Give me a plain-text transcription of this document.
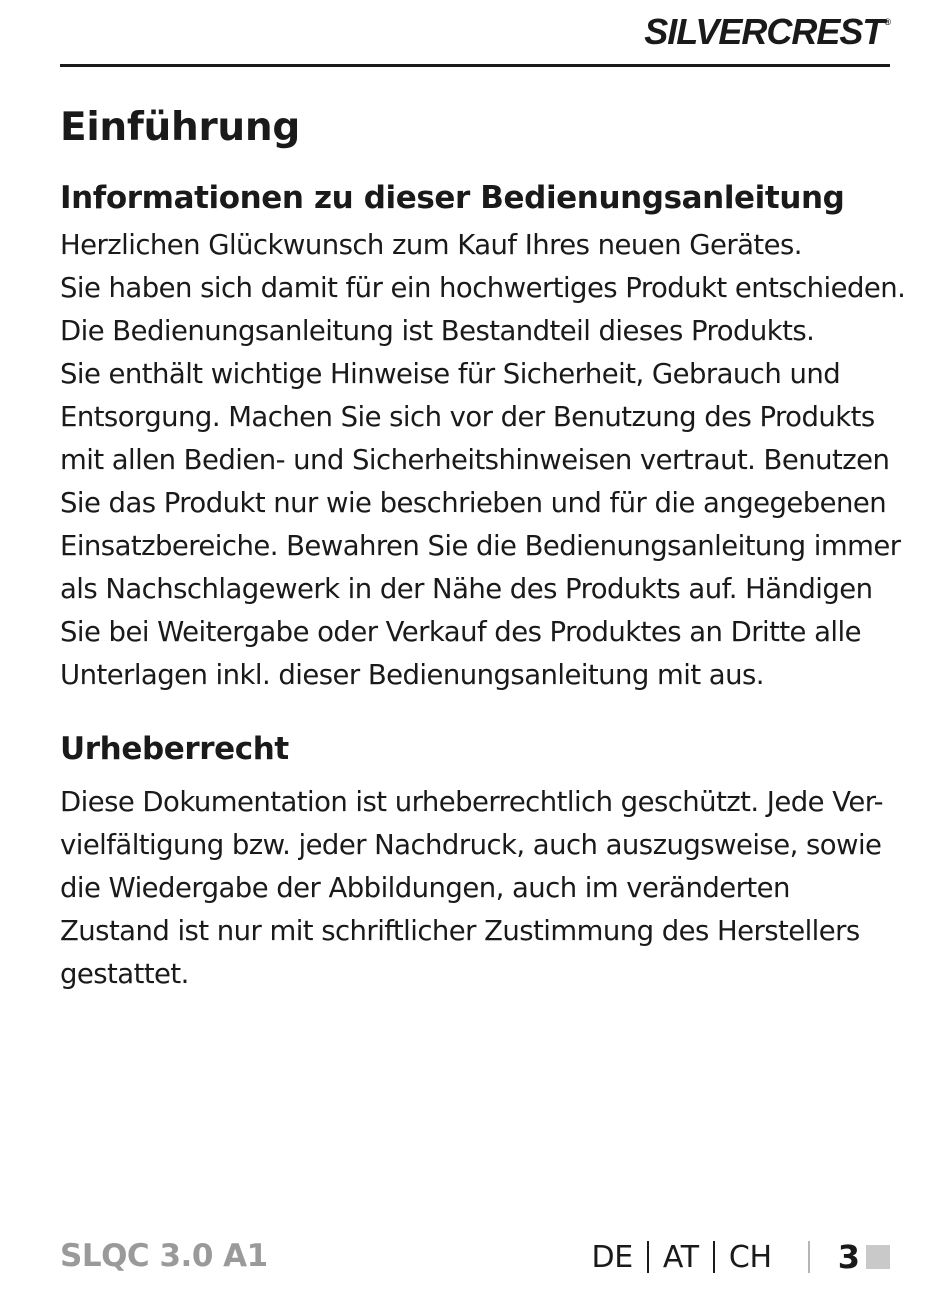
SILVERCREST®
Einführung
Informationen zu dieser Bedienungsanleitung
Herzlichen Glückwunsch zum Kauf Ihres neuen Gerätes.
Sie haben sich damit für ein hochwertiges Produkt entschieden.
Die Bedienungsanleitung ist Bestandteil dieses Produkts.
Sie enthält wichtige Hinweise für Sicherheit, Gebrauch und
Entsorgung. Machen Sie sich vor der Benutzung des Produkts
mit allen Bedien- und Sicherheitshinweisen vertraut. Benutzen
Sie das Produkt nur wie beschrieben und für die angegebenen
Einsatzbereiche. Bewahren Sie die Bedienungsanleitung immer
als Nachschlagewerk in der Nähe des Produkts auf. Händigen
Sie bei Weitergabe oder Verkauf des Produktes an Dritte alle
Unterlagen inkl. dieser Bedienungsanleitung mit aus.
Urheberrecht
Diese Dokumentation ist urheberrechtlich geschützt. Jede Ver-
vielfältigung bzw. jeder Nachdruck, auch auszugsweise, sowie
die Wiedergabe der Abbildungen, auch im veränderten
Zustand ist nur mit schriftlicher Zustimmung des Herstellers
gestattet.
SLQC 3.0 A1	DE AT CH 3
